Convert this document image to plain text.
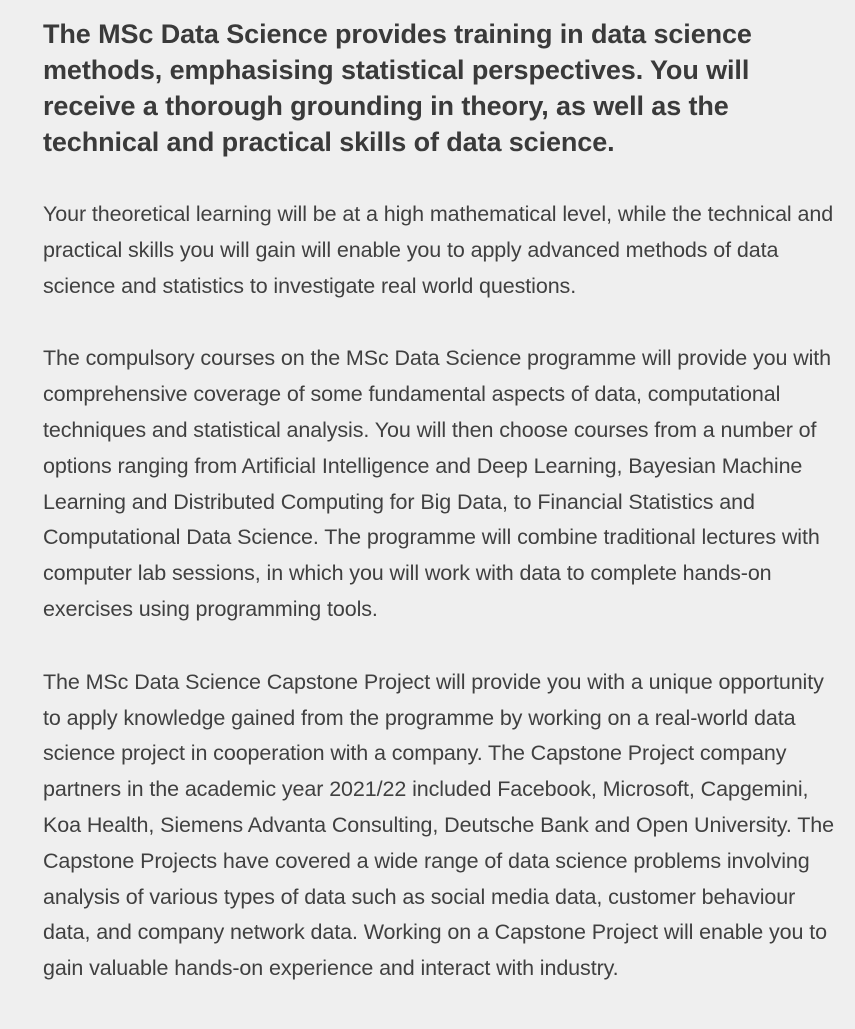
The MSc Data Science provides training in data science methods, emphasising statistical perspectives. You will receive a thorough grounding in theory, as well as the technical and practical skills of data science.

Your theoretical learning will be at a high mathematical level, while the technical and practical skills you will gain will enable you to apply advanced methods of data science and statistics to investigate real world questions.

The compulsory courses on the MSc Data Science programme will provide you with comprehensive coverage of some fundamental aspects of data, computational techniques and statistical analysis. You will then choose courses from a number of options ranging from Artificial Intelligence and Deep Learning, Bayesian Machine Learning and Distributed Computing for Big Data, to Financial Statistics and Computational Data Science. The programme will combine traditional lectures with computer lab sessions, in which you will work with data to complete hands-on exercises using programming tools.

The MSc Data Science Capstone Project will provide you with a unique opportunity to apply knowledge gained from the programme by working on a real-world data science project in cooperation with a company. The Capstone Project company partners in the academic year 2021/22 included Facebook, Microsoft, Capgemini, Koa Health, Siemens Advanta Consulting, Deutsche Bank and Open University. The Capstone Projects have covered a wide range of data science problems involving analysis of various types of data such as social media data, customer behaviour data, and company network data. Working on a Capstone Project will enable you to gain valuable hands-on experience and interact with industry.
